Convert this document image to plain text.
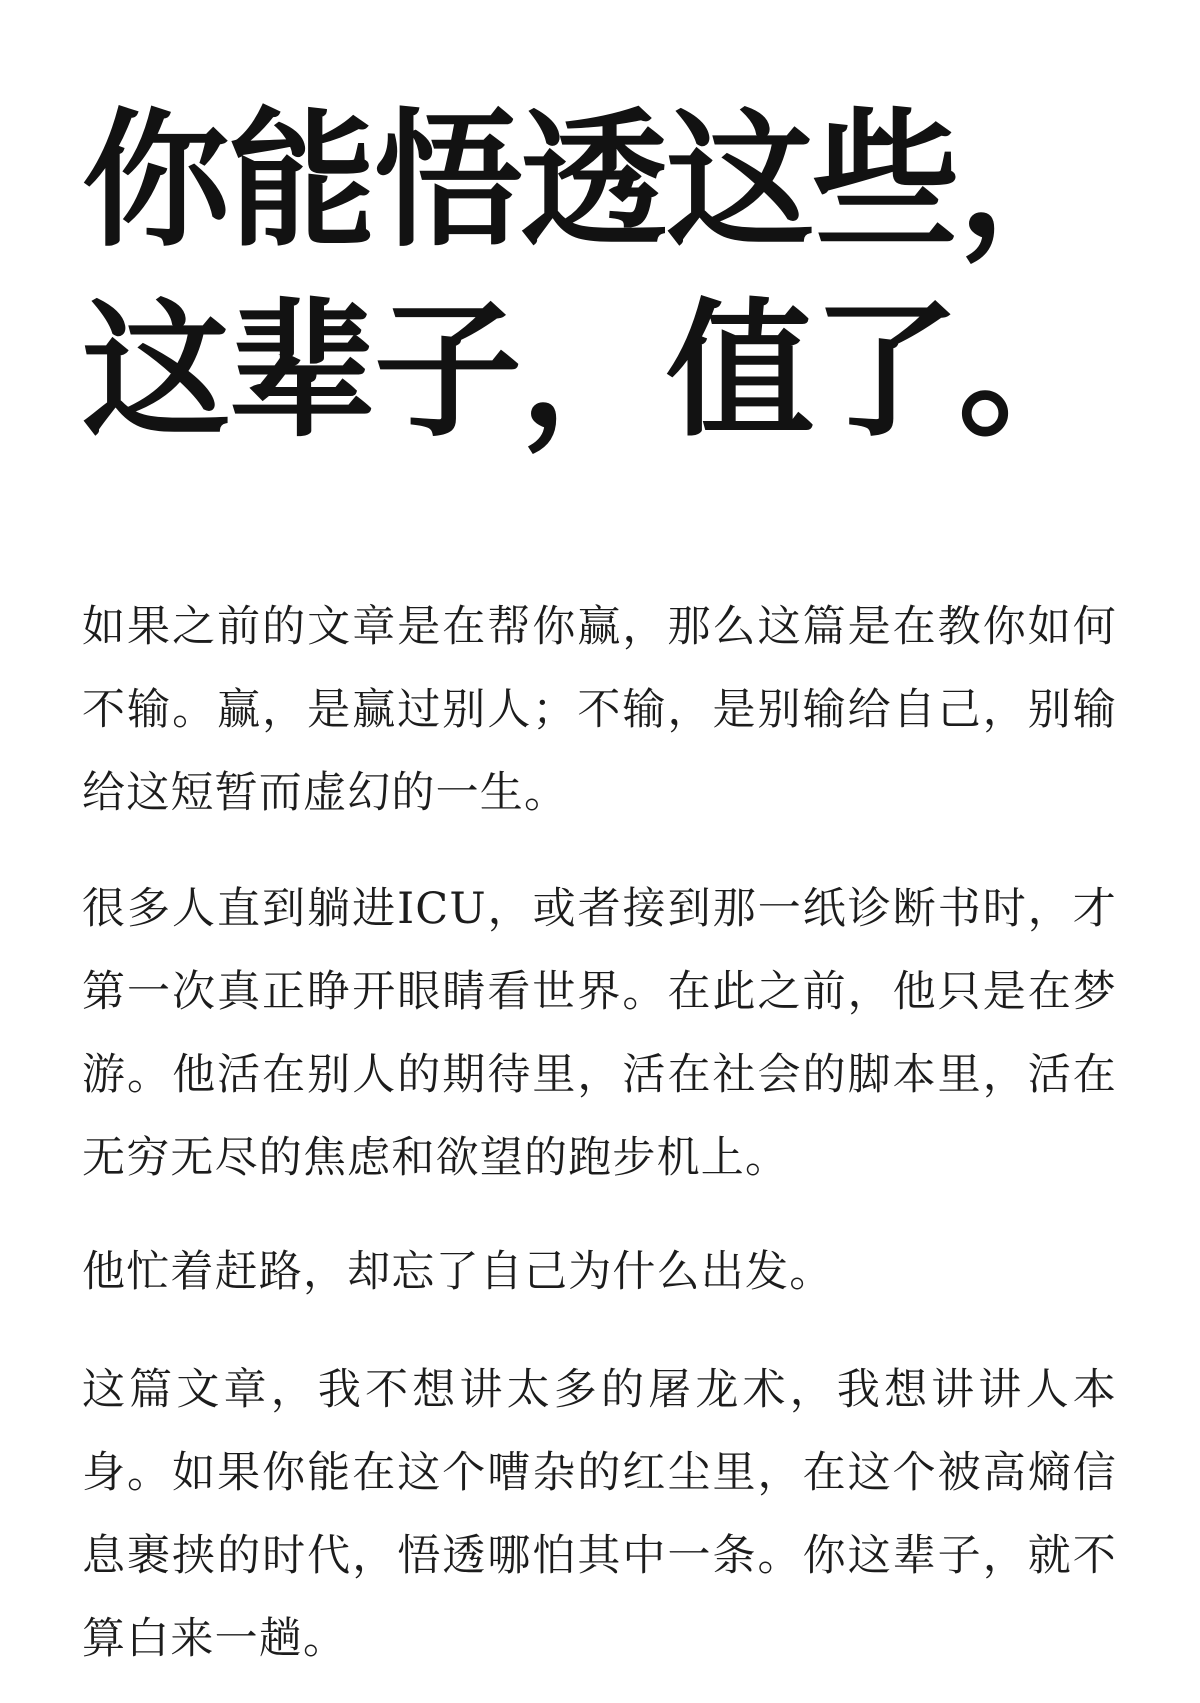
你能悟透这些，
这辈子，值了。

如果之前的文章是在帮你赢，那么这篇是在教你如何不输。赢，是赢过别人；不输，是别输给自己，别输给这短暂而虚幻的一生。

很多人直到躺进ICU，或者接到那一纸诊断书时，才第一次真正睁开眼睛看世界。在此之前，他只是在梦游。他活在别人的期待里，活在社会的脚本里，活在无穷无尽的焦虑和欲望的跑步机上。

他忙着赶路，却忘了自己为什么出发。

这篇文章，我不想讲太多的屠龙术，我想讲讲人本身。如果你能在这个嘈杂的红尘里，在这个被高熵信息裹挟的时代，悟透哪怕其中一条。你这辈子，就不算白来一趟。
